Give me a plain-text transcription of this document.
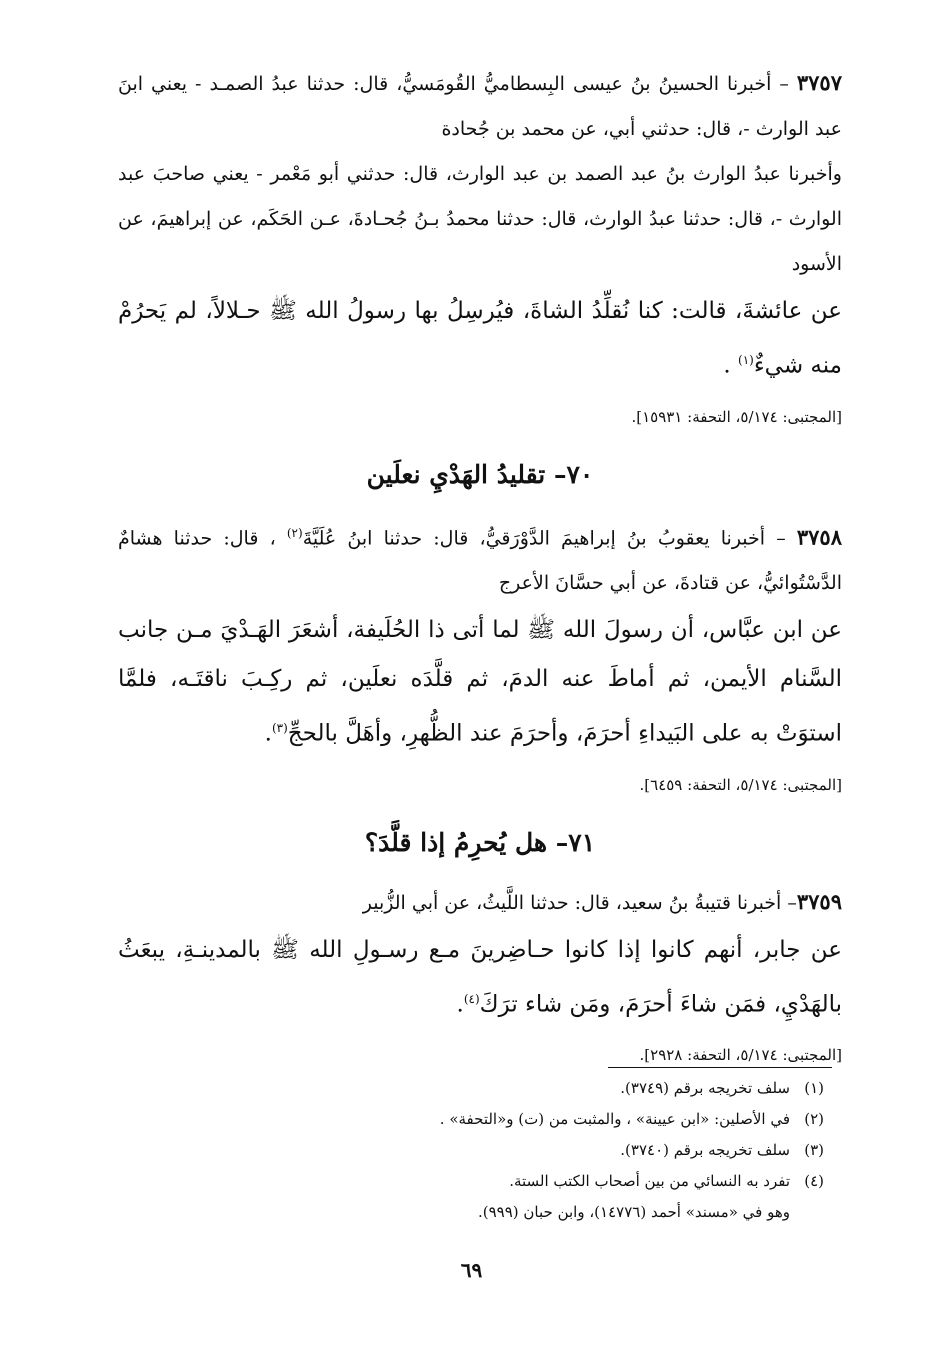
٣٧٥٧ – أخبرنا الحسينُ بنُ عيسى البِسطاميُّ القُومَسيُّ، قال: حدثنا عبدُ الصمـد - يعني ابنَ عبد الوارث -، قال: حدثني أبي، عن محمد بن جُحادة

وأخبرنا عبدُ الوارث بنُ عبد الصمد بن عبد الوارث، قال: حدثني أبو مَعْمر - يعني صاحبَ عبد الوارث -، قال: حدثنا عبدُ الوارث، قال: حدثنا محمدُ بـنُ جُحـادةَ، عـن الحَكَم، عن إبراهيمَ، عن الأسود

عن عائشةَ، قالت: كنا نُقلِّدُ الشاةَ، فيُرسِلُ بها رسولُ الله ﷺ حـلالاً، لم يَحرُمْ منه شيءٌ$^{(١)}$ .

[المجتبى: ٥/١٧٤، التحفة: ١٥٩٣١].

٧٠– تقليدُ الهَدْيِ نعلَين

٣٧٥٨ – أخبرنا يعقوبُ بنُ إبراهيمَ الدَّوْرَقيُّ، قال: حدثنا ابنُ عُلَيَّةَ$^{(٢)}$ ، قال: حدثنا هشامٌ الدَّسْتُوائيُّ، عن قتادةَ، عن أبي حسَّانَ الأعرج

عن ابن عبَّاس، أن رسولَ الله ﷺ لما أتى ذا الحُلَيفة، أشعَرَ الهَـدْيَ مـن جانب السَّنام الأيمن، ثم أماطَ عنه الدمَ، ثم قلَّدَه نعلَين، ثم ركِـبَ ناقتَـه، فلمَّا استوَتْ به على البَيداءِ أحرَمَ، وأحرَمَ عند الظُّهرِ، وأهَلَّ بالحجِّ$^{(٣)}$.

[المجتبى: ٥/١٧٤، التحفة: ٦٤٥٩].

٧١– هل يُحرِمُ إذا قلَّدَ؟

٣٧٥٩– أخبرنا قتيبةُ بنُ سعيد، قال: حدثنا اللَّيثُ، عن أبي الزُّبير

عن جابر، أنهم كانوا إذا كانوا حـاضِرينَ مـع رسـولِ الله ﷺ بالمدينـةِ، يبعَثُ بالهَدْيِ، فمَن شاءَ أحرَمَ، ومَن شاء ترَكَ$^{(٤)}$.

[المجتبى: ٥/١٧٤، التحفة: ٢٩٢٨].

(١)سلف تخريجه برقم (٣٧٤٩).
(٢)في الأصلين: «ابن عيينة» ، والمثبت من (ت) و«التحفة» .
(٣)سلف تخريجه برقم (٣٧٤٠).
(٤)تفرد به النسائي من بين أصحاب الكتب الستة.
وهو في «مسند» أحمد (١٤٧٧٦)، وابن حبان (٩٩٩).
٦٩
